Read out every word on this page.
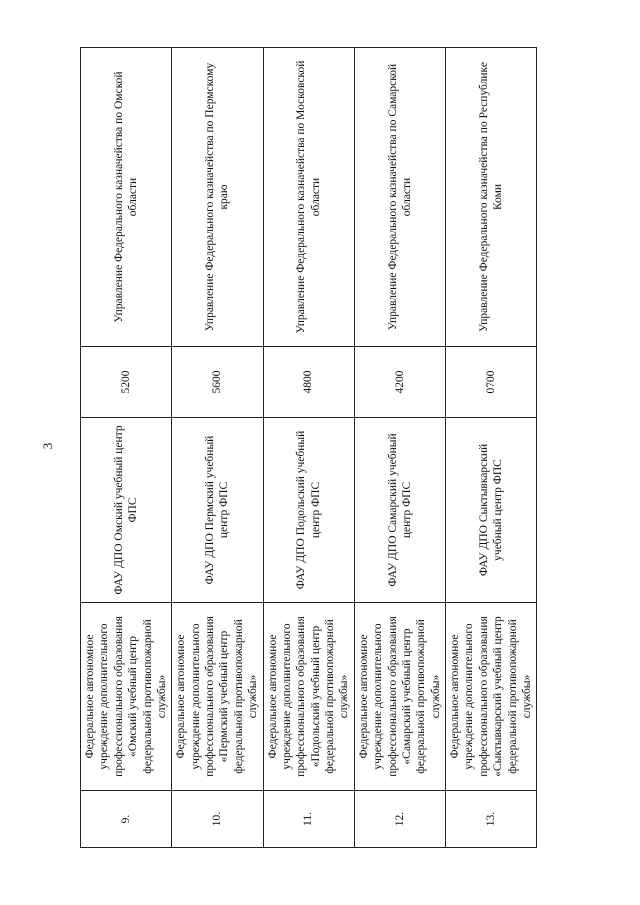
3
9.	Федеральное автономное учреждение дополнительного профессионального образования «Омский учебный центр федеральной противопожарной службы»	ФАУ ДПО Омский учебный центр ФПС	5200	Управление Федерального казначейства по Омской области
10.	Федеральное автономное учреждение дополнительного профессионального образования «Пермский учебный центр федеральной противопожарной службы»	ФАУ ДПО Пермский учебный центр ФПС	5600	Управление Федерального казначейства по Пермскому краю
11.	Федеральное автономное учреждение дополнительного профессионального образования «Подольский учебный центр федеральной противопожарной службы»	ФАУ ДПО Подольский учебный центр ФПС	4800	Управление Федерального казначейства по Московской области
12.	Федеральное автономное учреждение дополнительного профессионального образования «Самарский учебный центр федеральной противопожарной службы»	ФАУ ДПО Самарский учебный центр ФПС	4200	Управление Федерального казначейства по Самарской области
13.	Федеральное автономное учреждение дополнительного профессионального образования «Сыктывкарский учебный центр федеральной противопожарной службы»	ФАУ ДПО Сыктывкарский учебный центр ФПС	0700	Управление Федерального казначейства по Республике Коми
